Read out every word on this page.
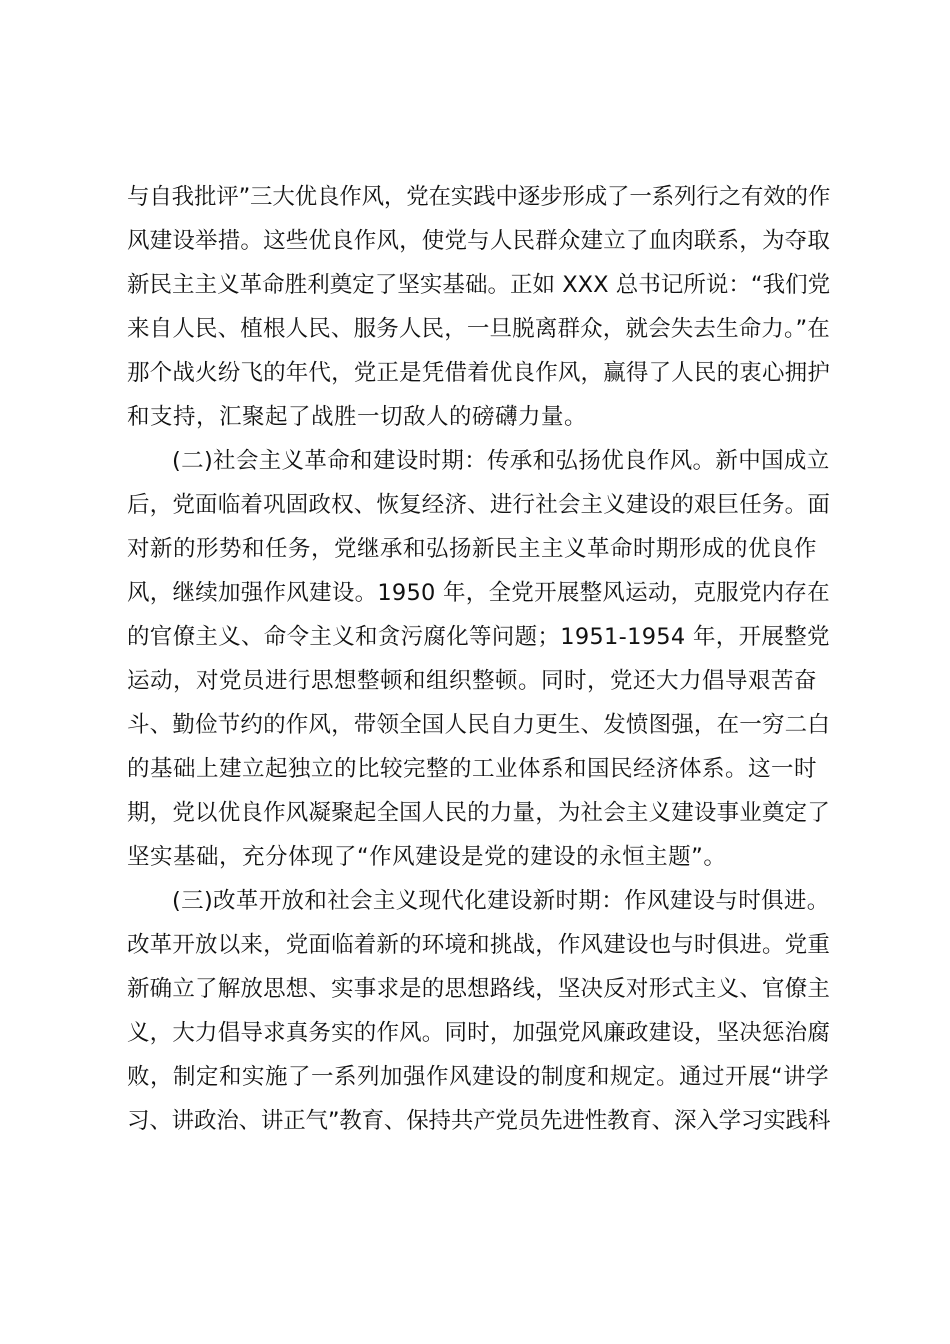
与自我批评”三大优良作风，党在实践中逐步形成了一系列行之有效的作
风建设举措。这些优良作风，使党与人民群众建立了血肉联系，为夺取
新民主主义革命胜利奠定了坚实基础。正如 XXX 总书记所说：“我们党
来自人民、植根人民、服务人民，一旦脱离群众，就会失去生命力。”在
那个战火纷飞的年代，党正是凭借着优良作风，赢得了人民的衷心拥护
和支持，汇聚起了战胜一切敌人的磅礴力量。
(二)社会主义革命和建设时期：传承和弘扬优良作风。新中国成立
后，党面临着巩固政权、恢复经济、进行社会主义建设的艰巨任务。面
对新的形势和任务，党继承和弘扬新民主主义革命时期形成的优良作
风，继续加强作风建设。1950 年，全党开展整风运动，克服党内存在
的官僚主义、命令主义和贪污腐化等问题；1951-1954 年，开展整党
运动，对党员进行思想整顿和组织整顿。同时，党还大力倡导艰苦奋
斗、勤俭节约的作风，带领全国人民自力更生、发愤图强，在一穷二白
的基础上建立起独立的比较完整的工业体系和国民经济体系。这一时
期，党以优良作风凝聚起全国人民的力量，为社会主义建设事业奠定了
坚实基础，充分体现了“作风建设是党的建设的永恒主题”。
(三)改革开放和社会主义现代化建设新时期：作风建设与时俱进。
改革开放以来，党面临着新的环境和挑战，作风建设也与时俱进。党重
新确立了解放思想、实事求是的思想路线，坚决反对形式主义、官僚主
义，大力倡导求真务实的作风。同时，加强党风廉政建设，坚决惩治腐
败，制定和实施了一系列加强作风建设的制度和规定。通过开展“讲学
习、讲政治、讲正气”教育、保持共产党员先进性教育、深入学习实践科
